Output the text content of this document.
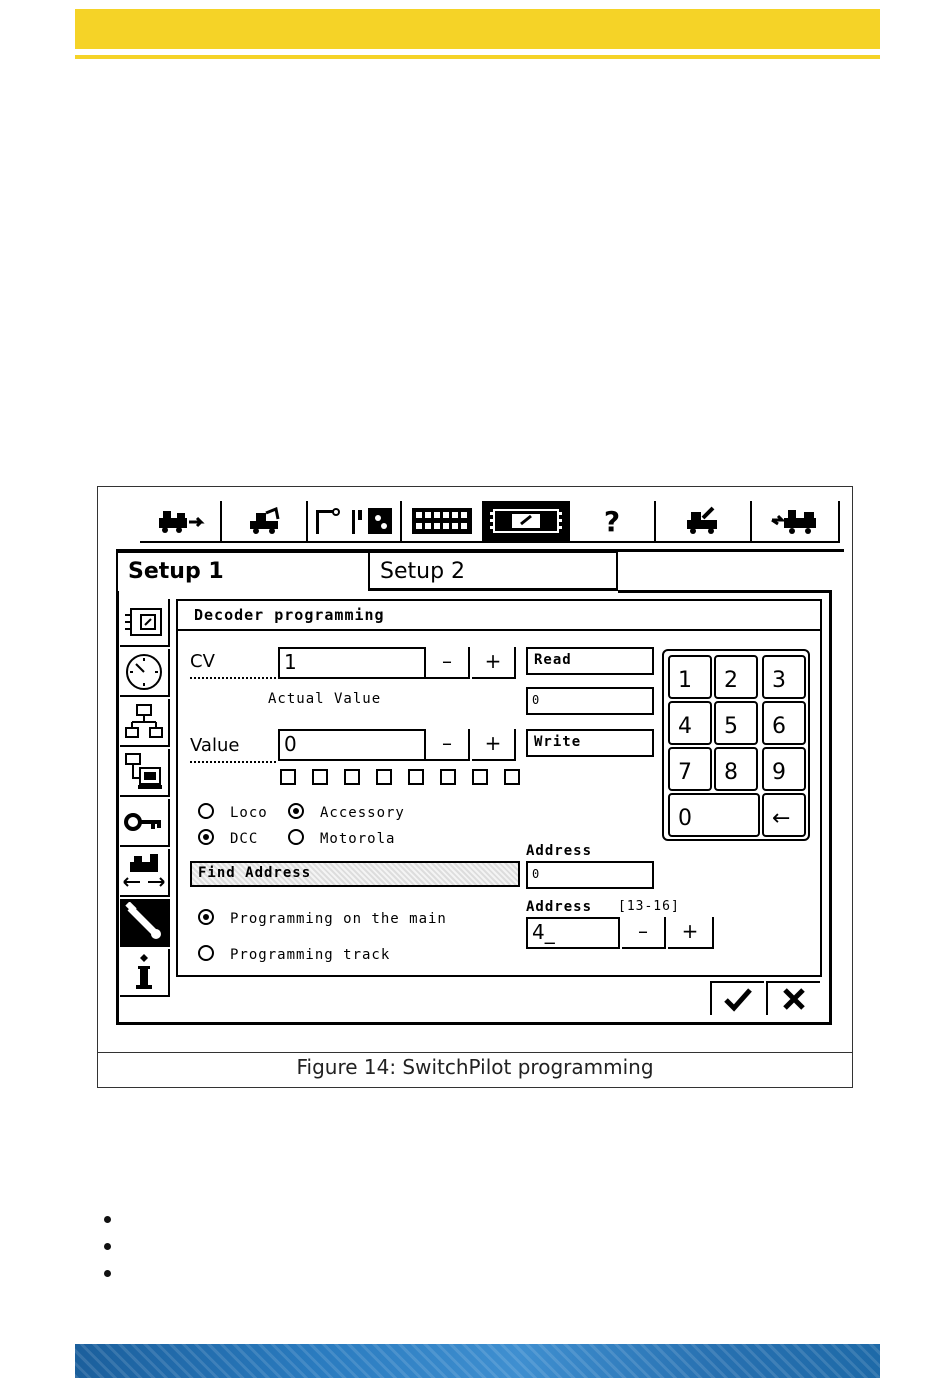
?
Setup 1	Setup 2
Decoder programming
CV	1	–	+	Read
Actual Value	0
Value	0	–	+	Write
Loco	Accessory
DCC	Motorola
Find Address
Address
0
Programming on the main
Programming track
Address [13-16]
4_	–	+
1	2	3
4	5	6
7	8	9
0	←
Figure 14: SwitchPilot programming
